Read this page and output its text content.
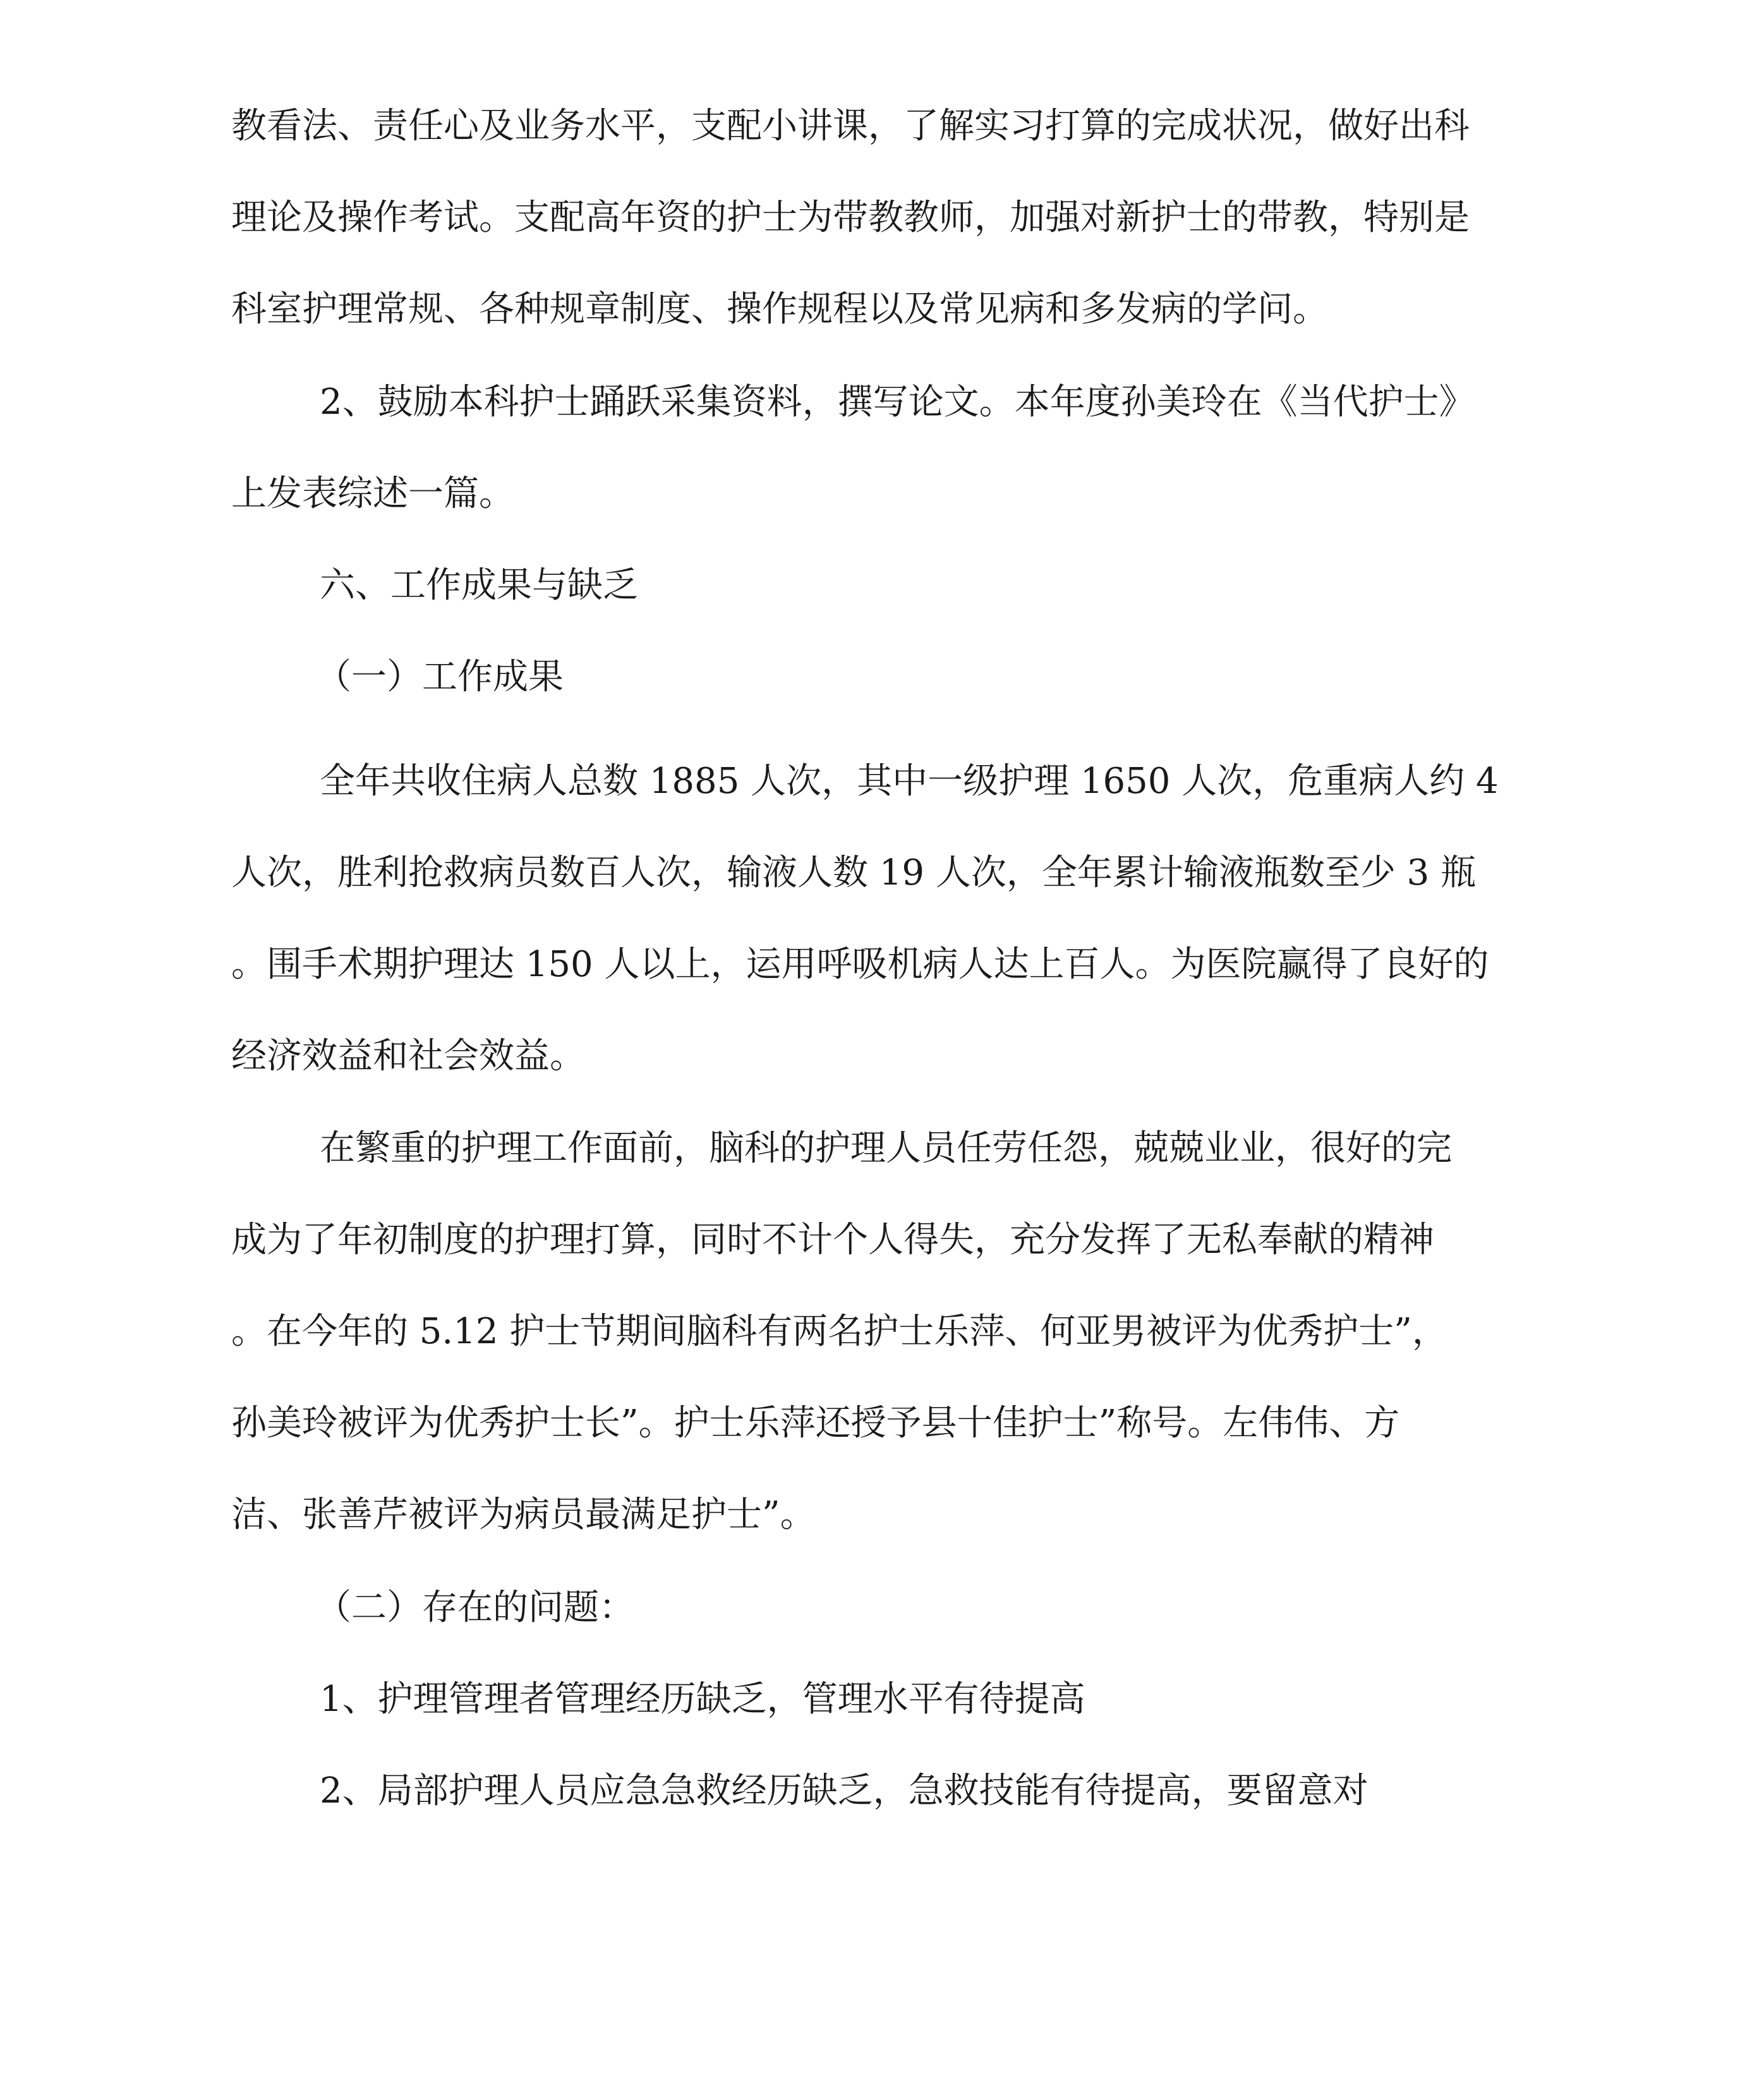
教看法、责任心及业务水平，支配小讲课，了解实习打算的完成状况，做好出科
理论及操作考试。支配高年资的护士为带教教师，加强对新护士的带教，特别是
科室护理常规、各种规章制度、操作规程以及常见病和多发病的学问。
2、鼓励本科护士踊跃采集资料，撰写论文。本年度孙美玲在《当代护士》
上发表综述一篇。
六、工作成果与缺乏
（一）工作成果
全年共收住病人总数 1885 人次，其中一级护理 1650 人次，危重病人约 4
人次，胜利抢救病员数百人次，输液人数 19 人次，全年累计输液瓶数至少 3 瓶
。围手术期护理达 150 人以上，运用呼吸机病人达上百人。为医院赢得了良好的
经济效益和社会效益。
在繁重的护理工作面前，脑科的护理人员任劳任怨，兢兢业业，很好的完
成为了年初制度的护理打算，同时不计个人得失，充分发挥了无私奉献的精神
。在今年的 5.12 护士节期间脑科有两名护士乐萍、何亚男被评为优秀护士”，
孙美玲被评为优秀护士长”。护士乐萍还授予县十佳护士”称号。左伟伟、方
洁、张善芹被评为病员最满足护士”。
（二）存在的问题：
1、护理管理者管理经历缺乏，管理水平有待提高
2、局部护理人员应急急救经历缺乏，急救技能有待提高，要留意对
